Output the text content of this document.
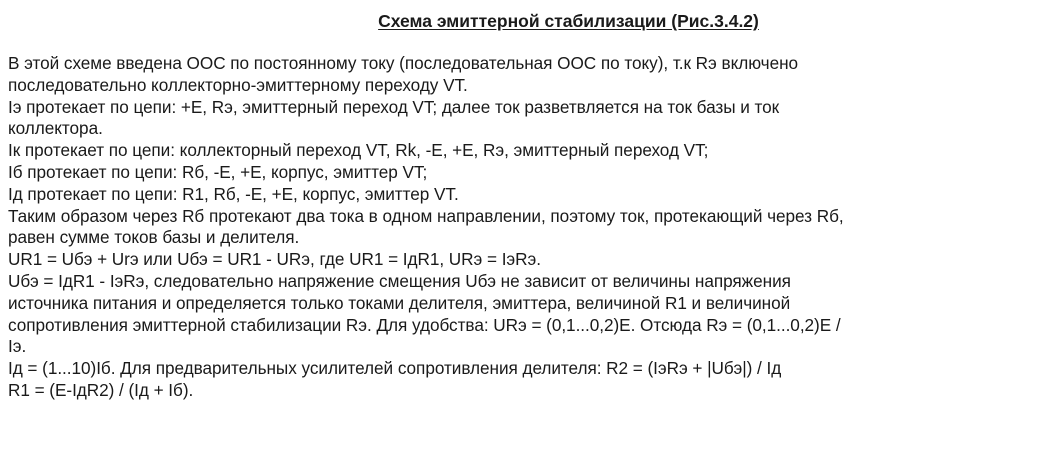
Схема эмиттерной стабилизации (Рис.3.4.2)
В этой схеме введена ООС по постоянному току (последовательная ООС по току), т.к Rэ включено
последовательно коллекторно-эмиттерному переходу VT.
Iэ протекает по цепи: +Е, Rэ, эмиттерный переход VT; далее ток разветвляется на ток базы и ток
коллектора.
Iк протекает по цепи: коллекторный переход VT, Rk, -E, +E, Rэ, эмиттерный переход VT;
Iб протекает по цепи: Rб, -E, +E, корпус, эмиттер VT;
Iд протекает по цепи: R1, Rб, -E, +E, корпус, эмиттер VT.
Таким образом через Rб протекают два тока в одном направлении, поэтому ток, протекающий через Rб,
равен сумме токов базы и делителя.
UR1 = Uбэ + Urэ или Uбэ = UR1 - URэ, где UR1 = IдR1, URэ = IэRэ.
Uбэ = IдR1 - IэRэ, следовательно напряжение смещения Uбэ не зависит от величины напряжения
источника питания и определяется только токами делителя, эмиттера, величиной R1 и величиной
сопротивления эмиттерной стабилизации Rэ. Для удобства: URэ = (0,1...0,2)E. Отсюда Rэ = (0,1...0,2)E /
Iэ.
Iд = (1...10)Iб. Для предварительных усилителей сопротивления делителя: R2 = (IэRэ + |Uбэ|) / Iд
R1 = (E-IдR2) / (Iд + Iб).
